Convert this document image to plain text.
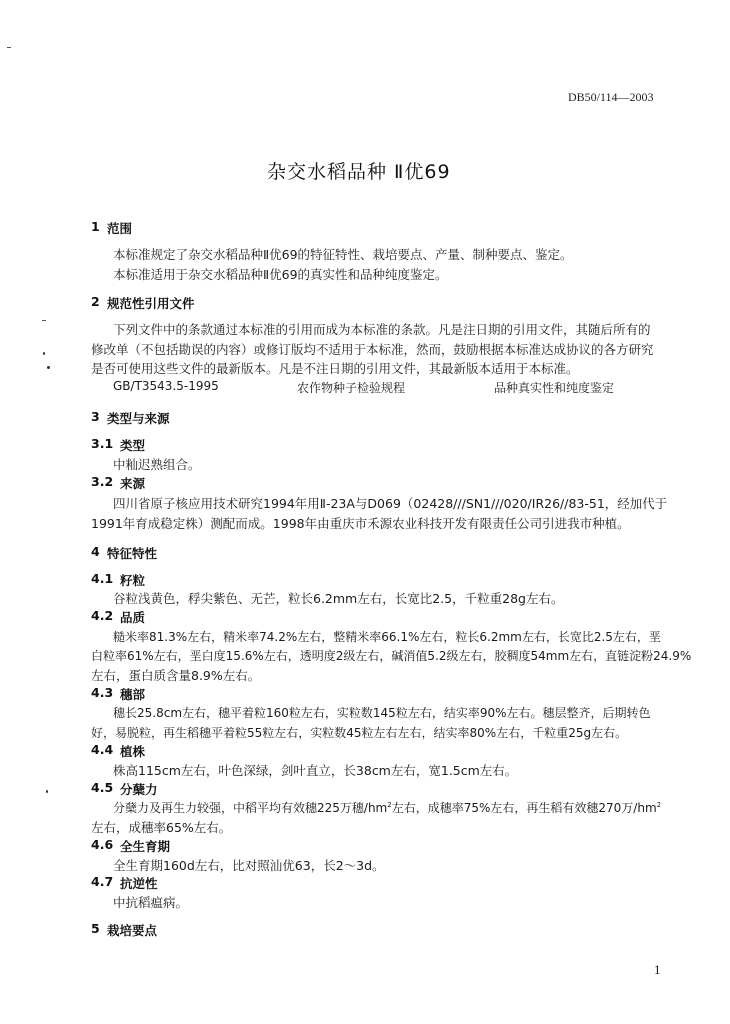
DB50/114—2003
杂交水稻品种 Ⅱ优69
1 范围
本标准规定了杂交水稻品种Ⅱ优69的特征特性、栽培要点、产量、制种要点、鉴定。
本标准适用于杂交水稻品种Ⅱ优69的真实性和品种纯度鉴定。
2 规范性引用文件
下列文件中的条款通过本标准的引用而成为本标准的条款。凡是注日期的引用文件，其随后所有的
修改单（不包括勘误的内容）或修订版均不适用于本标准，然而，鼓励根据本标准达成协议的各方研究
是否可使用这些文件的最新版本。凡是不注日期的引用文件，其最新版本适用于本标准。
GB/T3543.5-1995	农作物种子检验规程	品种真实性和纯度鉴定
3 类型与来源
3.1 类型
中籼迟熟组合。
3.2 来源
四川省原子核应用技术研究1994年用Ⅱ-23A与D069（02428///SN1///020/IR26//83-51，经加代于
1991年育成稳定株）测配而成。1998年由重庆市禾源农业科技开发有限责任公司引进我市种植。
4 特征特性
4.1 籽粒
谷粒浅黄色，稃尖紫色、无芒，粒长6.2mm左右，长宽比2.5，千粒重28g左右。
4.2 品质
糙米率81.3%左右，精米率74.2%左右，整精米率66.1%左右，粒长6.2mm左右，长宽比2.5左右，垩
白粒率61%左右，垩白度15.6%左右，透明度2级左右，碱消值5.2级左右，胶稠度54mm左右，直链淀粉24.9%
左右，蛋白质含量8.9%左右。
4.3 穗部
穗长25.8cm左右，穗平着粒160粒左右，实粒数145粒左右，结实率90%左右。穗层整齐，后期转色
好，易脱粒，再生稻穗平着粒55粒左右，实粒数45粒左右左右，结实率80%左右，千粒重25g左右。
4.4 植株
株高115cm左右，叶色深绿，剑叶直立，长38cm左右，宽1.5cm左右。
4.5 分蘖力
分蘖力及再生力较强，中稻平均有效穗225万穗$/hm^2$左右，成穗率75%左右，再生稻有效穗270万$/hm^2$
左右，成穗率65%左右。
4.6 全生育期
全生育期160d左右，比对照汕优63，长2～3d。
4.7 抗逆性
中抗稻瘟病。
5 栽培要点
1
